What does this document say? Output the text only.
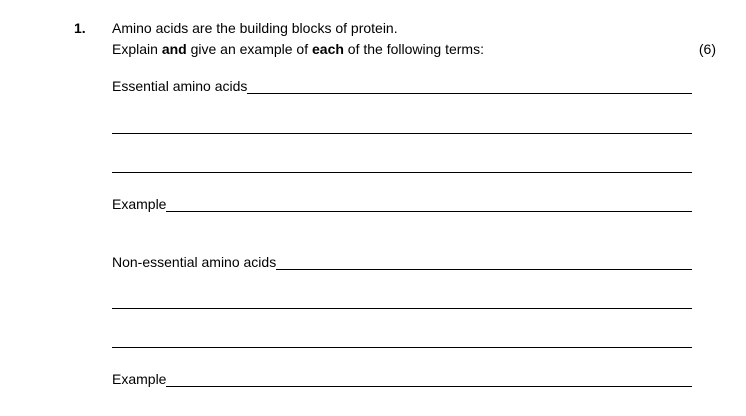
1. Amino acids are the building blocks of protein.
Explain and give an example of each of the following terms:	(6)
Essential amino acids
Example
Non-essential amino acids
Example
